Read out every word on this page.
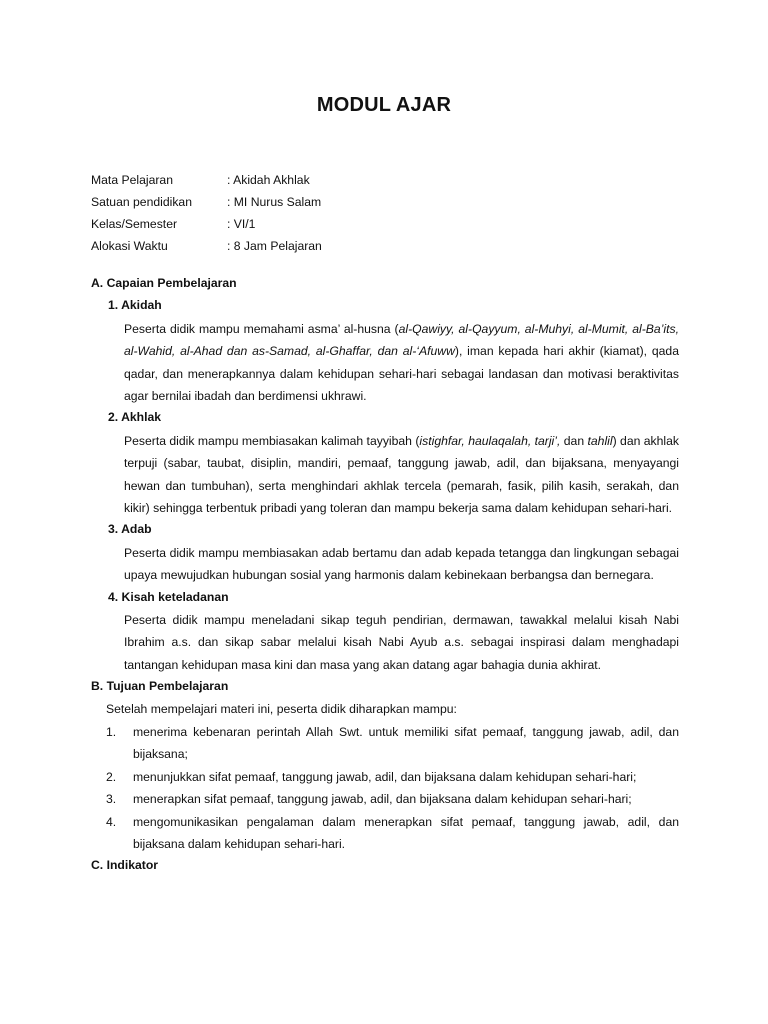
MODUL AJAR
Mata Pelajaran	: Akidah Akhlak
Satuan pendidikan	: MI Nurus Salam
Kelas/Semester	: VI/1
Alokasi Waktu	: 8 Jam Pelajaran
A. Capaian Pembelajaran
1. Akidah
Peserta didik mampu memahami asma’ al-husna (al-Qawiyy, al-Qayyum, al-Muhyi, al-Mumit, al-Ba’its, al-Wahid, al-Ahad dan as-Samad, al-Ghaffar, dan al-‘Afuww), iman kepada hari akhir (kiamat), qada qadar, dan menerapkannya dalam kehidupan sehari-hari sebagai landasan dan motivasi beraktivitas agar bernilai ibadah dan berdimensi ukhrawi.
2. Akhlak
Peserta didik mampu membiasakan kalimah tayyibah (istighfar, haulaqalah, tarji’, dan tahlil) dan akhlak terpuji (sabar, taubat, disiplin, mandiri, pemaaf, tanggung jawab, adil, dan bijaksana, menyayangi hewan dan tumbuhan), serta menghindari akhlak tercela (pemarah, fasik, pilih kasih, serakah, dan kikir) sehingga terbentuk pribadi yang toleran dan mampu bekerja sama dalam kehidupan sehari-hari.
3. Adab
Peserta didik mampu membiasakan adab bertamu dan adab kepada tetangga dan lingkungan sebagai upaya mewujudkan hubungan sosial yang harmonis dalam kebinekaan berbangsa dan bernegara.
4. Kisah keteladanan
Peserta didik mampu meneladani sikap teguh pendirian, dermawan, tawakkal melalui kisah Nabi Ibrahim a.s. dan sikap sabar melalui kisah Nabi Ayub a.s. sebagai inspirasi dalam menghadapi tantangan kehidupan masa kini dan masa yang akan datang agar bahagia dunia akhirat.
B. Tujuan Pembelajaran
Setelah mempelajari materi ini, peserta didik diharapkan mampu:
1. menerima kebenaran perintah Allah Swt. untuk memiliki sifat pemaaf, tanggung jawab, adil, dan bijaksana;
2. menunjukkan sifat pemaaf, tanggung jawab, adil, dan bijaksana dalam kehidupan sehari-hari;
3. menerapkan sifat pemaaf, tanggung jawab, adil, dan bijaksana dalam kehidupan sehari-hari;
4. mengomunikasikan pengalaman dalam menerapkan sifat pemaaf, tanggung jawab, adil, dan bijaksana dalam kehidupan sehari-hari.
C. Indikator
